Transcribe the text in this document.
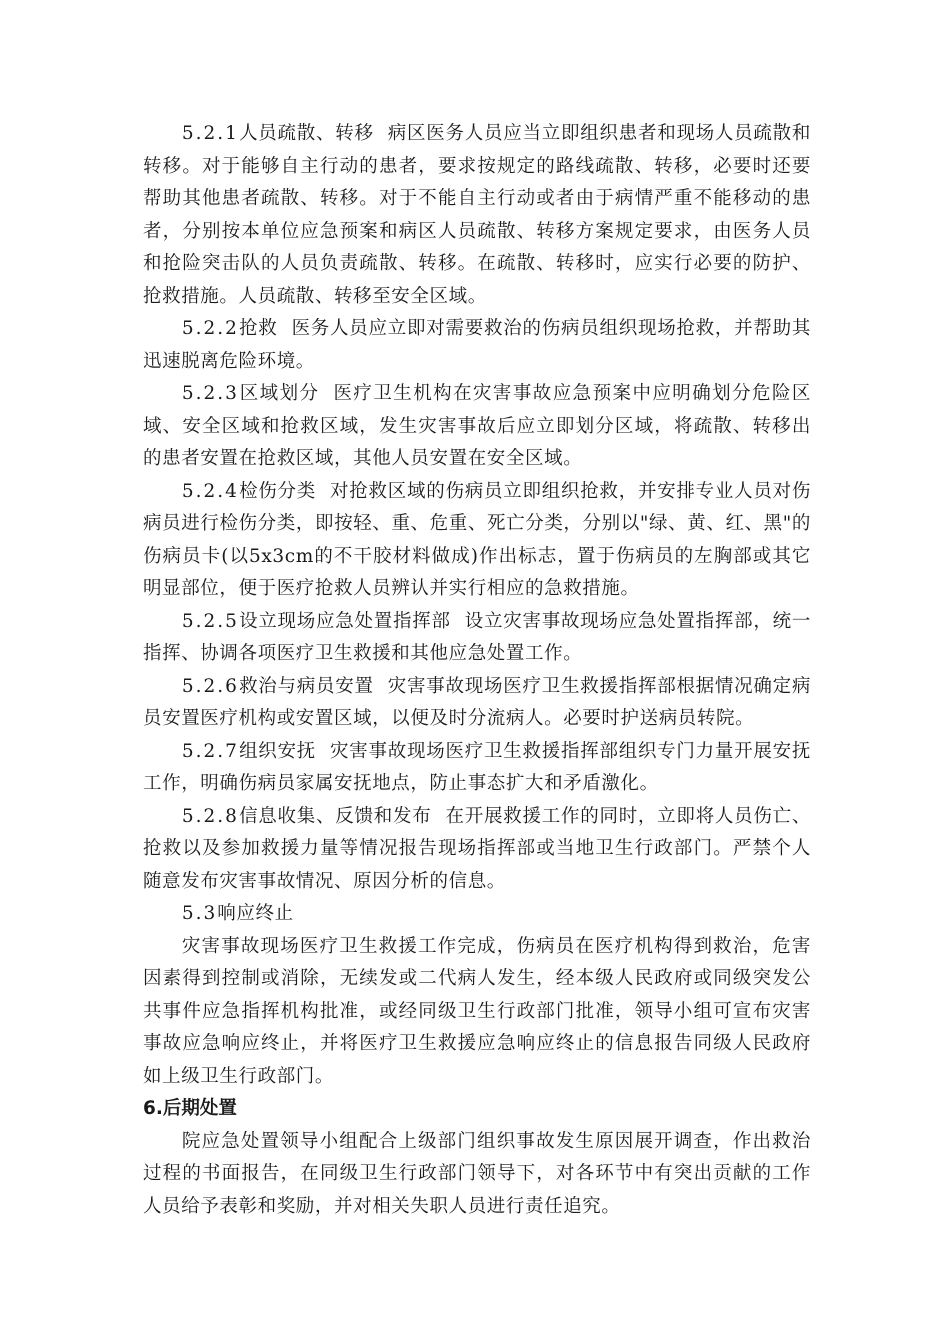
5.2.1人员疏散、转移 病区医务人员应当立即组织患者和现场人员疏散和转移。对于能够自主行动的患者，要求按规定的路线疏散、转移，必要时还要帮助其他患者疏散、转移。对于不能自主行动或者由于病情严重不能移动的患者，分别按本单位应急预案和病区人员疏散、转移方案规定要求，由医务人员和抢险突击队的人员负责疏散、转移。在疏散、转移时，应实行必要的防护、抢救措施。人员疏散、转移至安全区域。

5.2.2抢救 医务人员应立即对需要救治的伤病员组织现场抢救，并帮助其迅速脱离危险环境。

5.2.3区域划分 医疗卫生机构在灾害事故应急预案中应明确划分危险区域、安全区域和抢救区域，发生灾害事故后应立即划分区域，将疏散、转移出的患者安置在抢救区域，其他人员安置在安全区域。

5.2.4检伤分类 对抢救区域的伤病员立即组织抢救，并安排专业人员对伤病员进行检伤分类，即按轻、重、危重、死亡分类，分别以"绿、黄、红、黑"的伤病员卡(以5x3cm的不干胶材料做成)作出标志，置于伤病员的左胸部或其它明显部位，便于医疗抢救人员辨认并实行相应的急救措施。

5.2.5设立现场应急处置指挥部 设立灾害事故现场应急处置指挥部，统一指挥、协调各项医疗卫生救援和其他应急处置工作。

5.2.6救治与病员安置 灾害事故现场医疗卫生救援指挥部根据情况确定病员安置医疗机构或安置区域，以便及时分流病人。必要时护送病员转院。

5.2.7组织安抚 灾害事故现场医疗卫生救援指挥部组织专门力量开展安抚工作，明确伤病员家属安抚地点，防止事态扩大和矛盾激化。

5.2.8信息收集、反馈和发布 在开展救援工作的同时，立即将人员伤亡、抢救以及参加救援力量等情况报告现场指挥部或当地卫生行政部门。严禁个人随意发布灾害事故情况、原因分析的信息。

5.3响应终止

灾害事故现场医疗卫生救援工作完成，伤病员在医疗机构得到救治，危害因素得到控制或消除，无续发或二代病人发生，经本级人民政府或同级突发公共事件应急指挥机构批准，或经同级卫生行政部门批准，领导小组可宣布灾害事故应急响应终止，并将医疗卫生救援应急响应终止的信息报告同级人民政府如上级卫生行政部门。

6.后期处置

院应急处置领导小组配合上级部门组织事故发生原因展开调查，作出救治过程的书面报告，在同级卫生行政部门领导下，对各环节中有突出贡献的工作人员给予表彰和奖励，并对相关失职人员进行责任追究。
